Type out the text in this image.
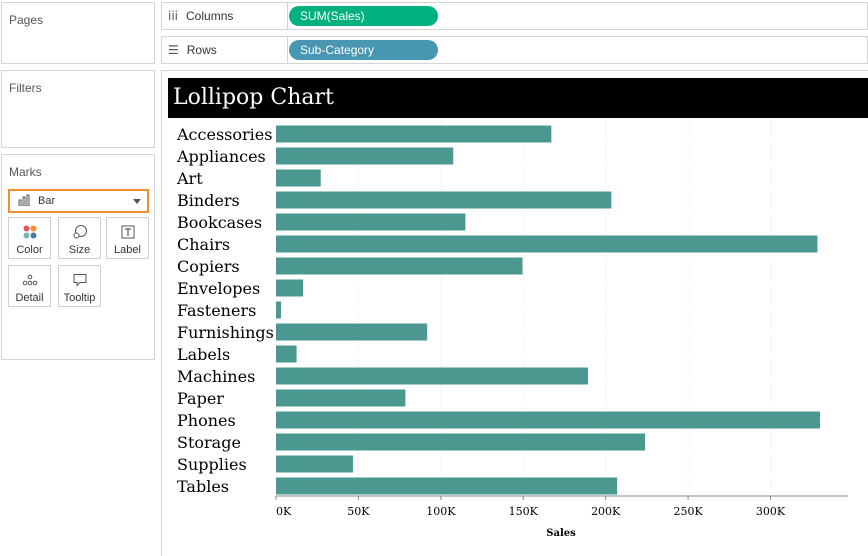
Pages
Filters
Marks
Bar
Color Size Label
Detail Tooltip
iii Columns	SUM(Sales)
☰ Rows	Sub-Category
Lollipop Chart
Accessories
Appliances
Art
Binders
Bookcases
Chairs
Copiers
Envelopes
Fasteners
Furnishings
Labels
Machines
Paper
Phones
Storage
Supplies
Tables
0K	50K	100K	150K	200K	250K	300K
Sales
